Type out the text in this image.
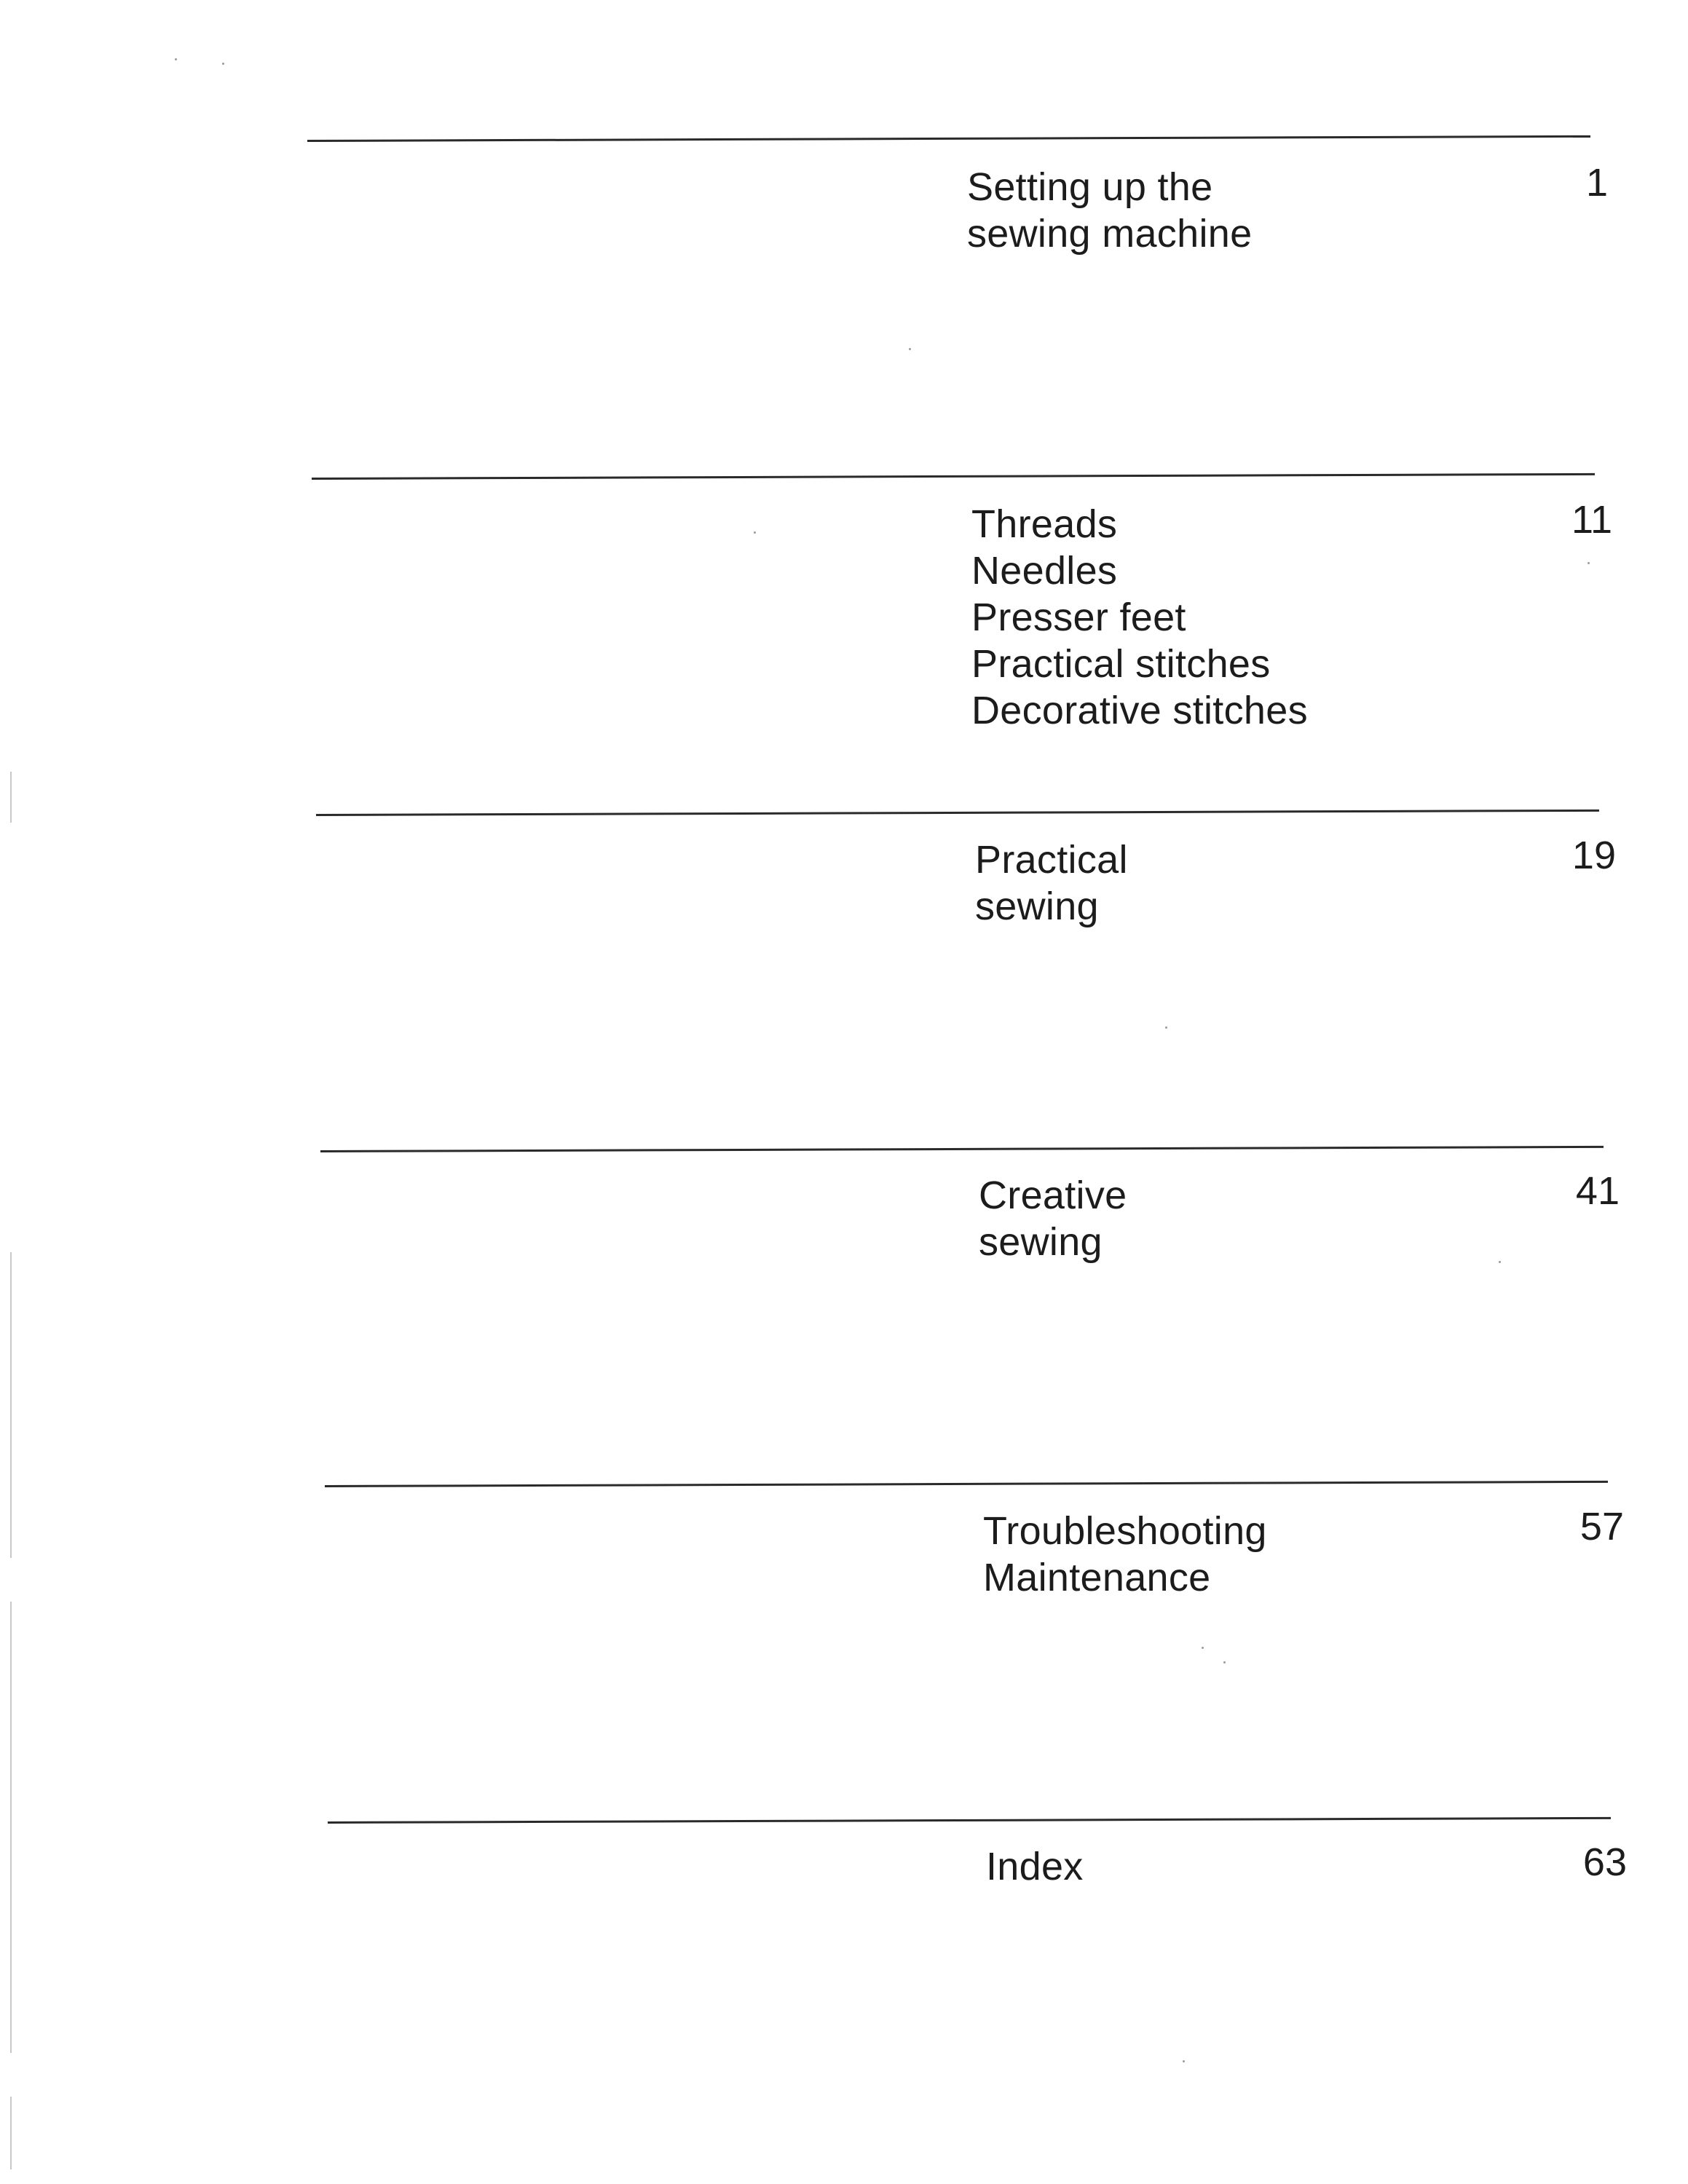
Setting up the
sewing machine
1
Threads
Needles
Presser feet
Practical stitches
Decorative stitches
11
Practical
sewing
19
Creative
sewing
41
Troubleshooting
Maintenance
57
Index	63
